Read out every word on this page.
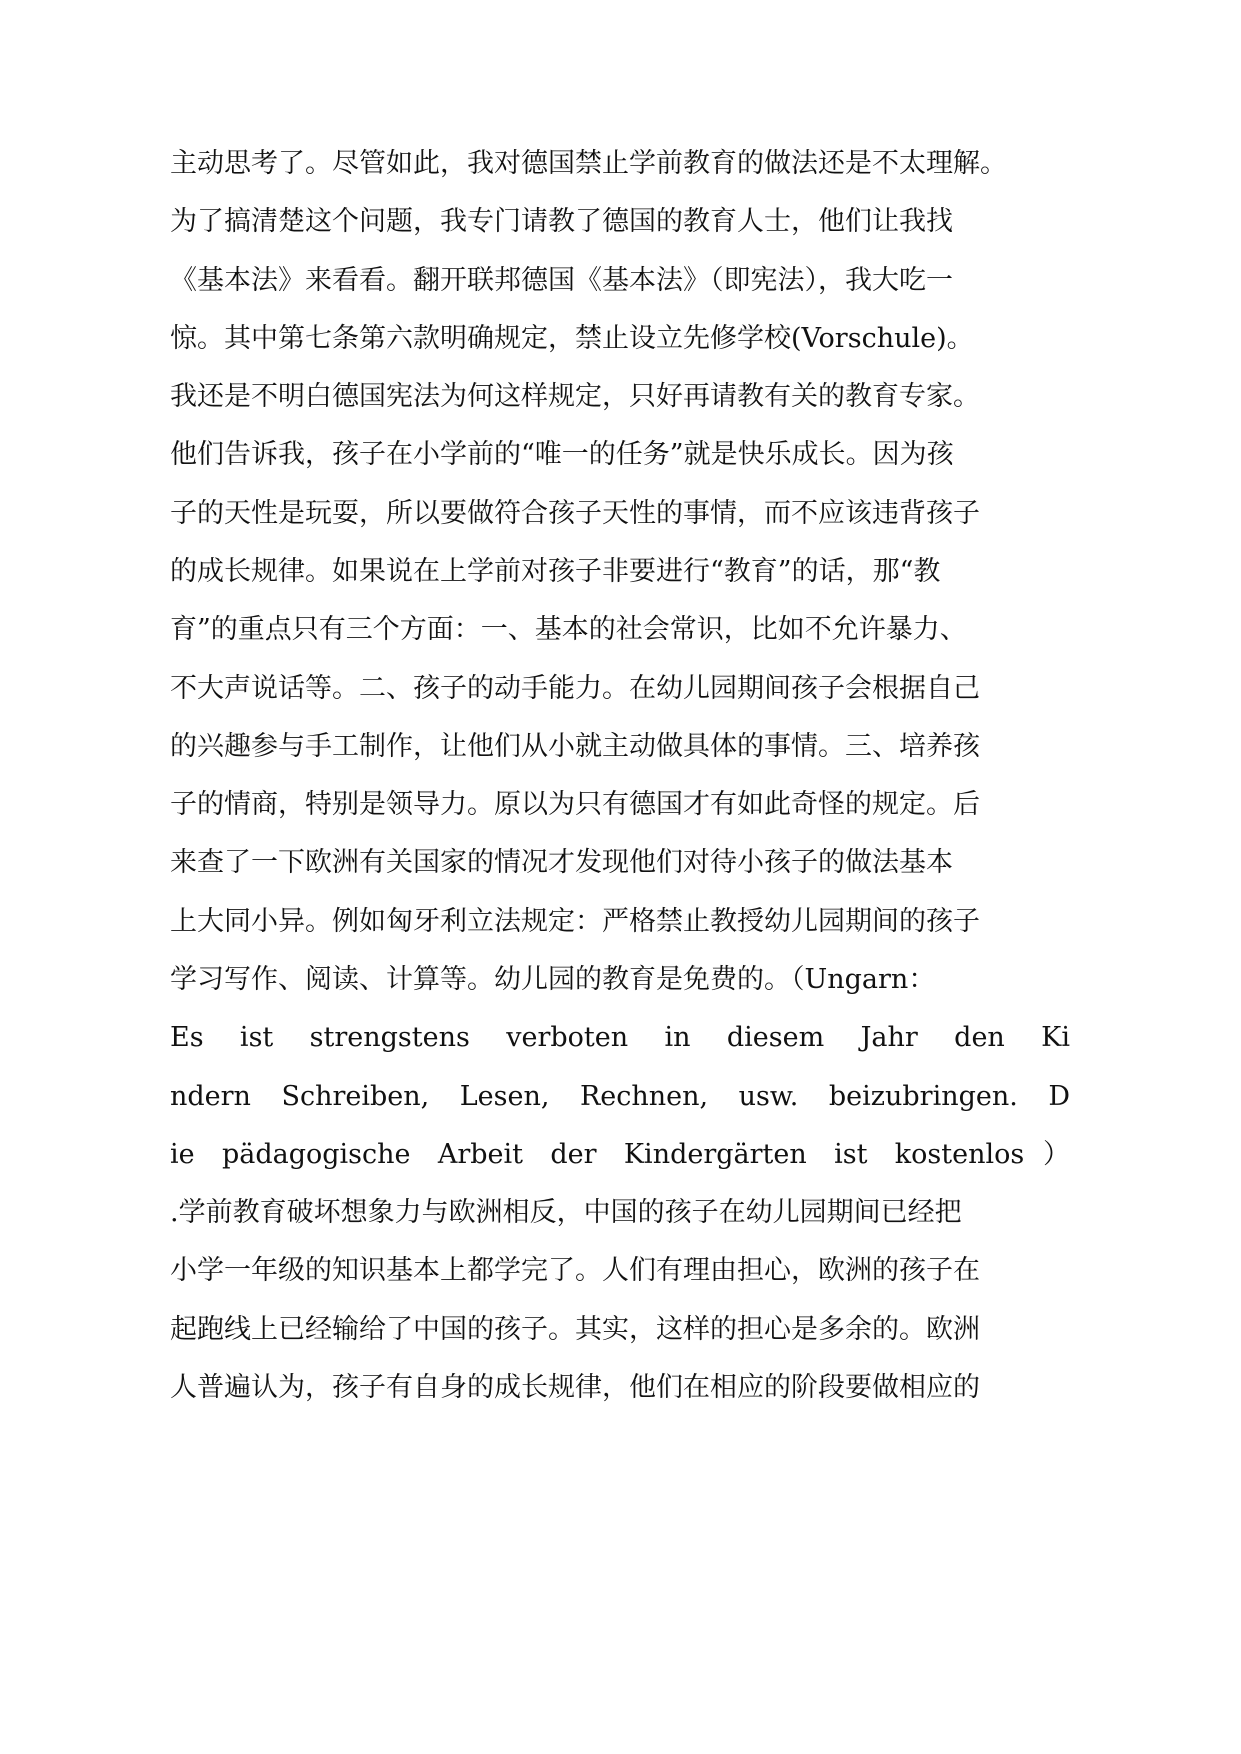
主动思考了。尽管如此，我对德国禁止学前教育的做法还是不太理解。
为了搞清楚这个问题，我专门请教了德国的教育人士，他们让我找
《基本法》来看看。翻开联邦德国《基本法》（即宪法），我大吃一
惊。其中第七条第六款明确规定，禁止设立先修学校(Vorschule)。
我还是不明白德国宪法为何这样规定，只好再请教有关的教育专家。
他们告诉我，孩子在小学前的“唯一的任务”就是快乐成长。因为孩
子的天性是玩耍，所以要做符合孩子天性的事情，而不应该违背孩子
的成长规律。如果说在上学前对孩子非要进行“教育”的话，那“教
育”的重点只有三个方面：一、基本的社会常识，比如不允许暴力、
不大声说话等。二、孩子的动手能力。在幼儿园期间孩子会根据自己
的兴趣参与手工制作，让他们从小就主动做具体的事情。三、培养孩
子的情商，特别是领导力。原以为只有德国才有如此奇怪的规定。后
来查了一下欧洲有关国家的情况才发现他们对待小孩子的做法基本
上大同小异。例如匈牙利立法规定：严格禁止教授幼儿园期间的孩子
学习写作、阅读、计算等。幼儿园的教育是免费的。（Ungarn：
Es ist strengstens verboten in diesem Jahr den Ki
ndern Schreiben, Lesen, Rechnen, usw. beizubringen. D
ie pädagogische Arbeit der Kindergärten ist kostenlos）
.学前教育破坏想象力与欧洲相反，中国的孩子在幼儿园期间已经把
小学一年级的知识基本上都学完了。人们有理由担心，欧洲的孩子在
起跑线上已经输给了中国的孩子。其实，这样的担心是多余的。欧洲
人普遍认为，孩子有自身的成长规律，他们在相应的阶段要做相应的
